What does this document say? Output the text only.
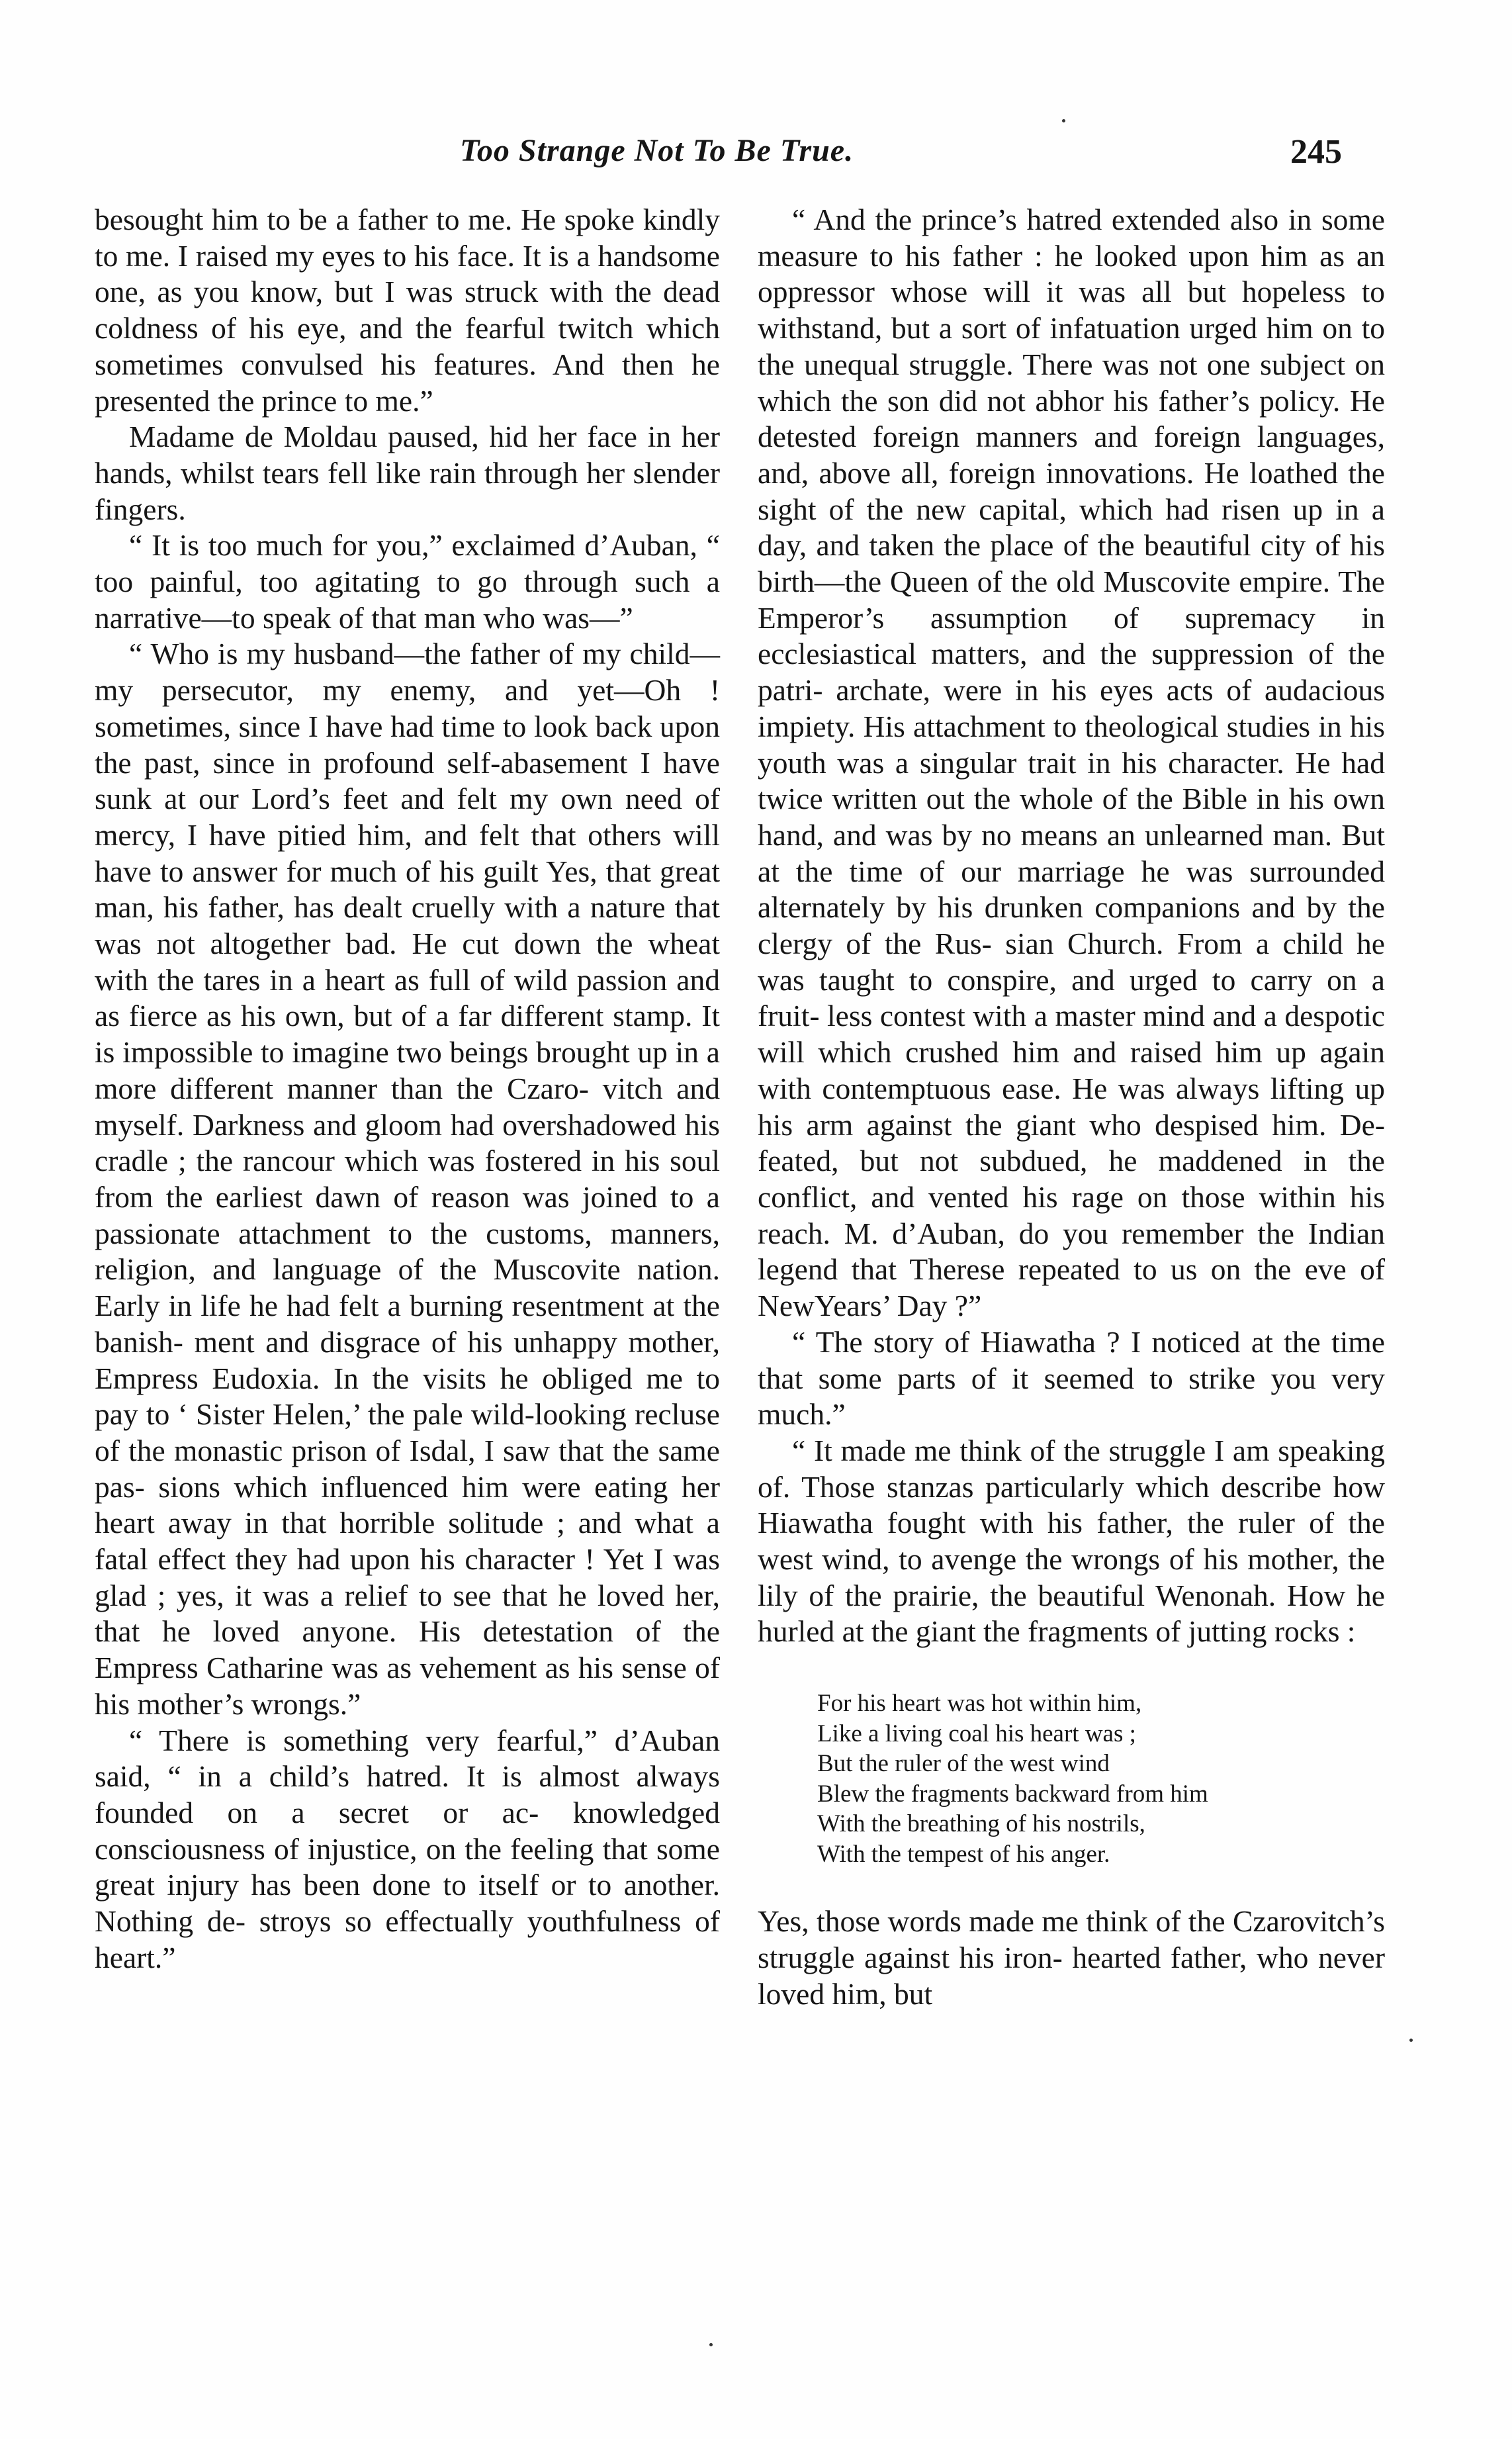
Too Strange Not To Be True.	245

besought him to be a father to me. He spoke kindly to me. I raised my eyes to his face. It is a handsome one, as you know, but I was struck with the dead coldness of his eye, and the fearful twitch which sometimes convulsed his features. And then he presented the prince to me.”

Madame de Moldau paused, hid her face in her hands, whilst tears fell like rain through her slender fingers.

“ It is too much for you,” exclaimed d’Auban, “ too painful, too agitating to go through such a narrative—to speak of that man who was—”

“ Who is my husband—the father of my child—my persecutor, my enemy, and yet—Oh ! sometimes, since I have had time to look back upon the past, since in profound self-abasement I have sunk at our Lord’s feet and felt my own need of mercy, I have pitied him, and felt that others will have to answer for much of his guilt Yes, that great man, his father, has dealt cruelly with a nature that was not altogether bad. He cut down the wheat with the tares in a heart as full of wild passion and as fierce as his own, but of a far different stamp. It is impossible to imagine two beings brought up in a more different manner than the Czaro- vitch and myself. Darkness and gloom had overshadowed his cradle ; the rancour which was fostered in his soul from the earliest dawn of reason was joined to a passionate attachment to the customs, manners, religion, and language of the Muscovite nation. Early in life he had felt a burning resentment at the banish- ment and disgrace of his unhappy mother, Empress Eudoxia. In the visits he obliged me to pay to ‘ Sister Helen,’ the pale wild-looking recluse of the monastic prison of Isdal, I saw that the same pas- sions which influenced him were eating her heart away in that horrible solitude ; and what a fatal effect they had upon his character ! Yet I was glad ; yes, it was a relief to see that he loved her, that he loved anyone. His detestation of the Empress Catharine was as vehement as his sense of his mother’s wrongs.”

“ There is something very fearful,” d’Auban said, “ in a child’s hatred. It is almost always founded on a secret or ac- knowledged consciousness of injustice, on the feeling that some great injury has been done to itself or to another. Nothing de- stroys so effectually youthfulness of heart.”

“ And the prince’s hatred extended also in some measure to his father : he looked upon him as an oppressor whose will it was all but hopeless to withstand, but a sort of infatuation urged him on to the unequal struggle. There was not one subject on which the son did not abhor his father’s policy. He detested foreign manners and foreign languages, and, above all, foreign innovations. He loathed the sight of the new capital, which had risen up in a day, and taken the place of the beautiful city of his birth—the Queen of the old Muscovite empire. The Emperor’s assumption of supremacy in ecclesiastical matters, and the suppression of the patri- archate, were in his eyes acts of audacious impiety. His attachment to theological studies in his youth was a singular trait in his character. He had twice written out the whole of the Bible in his own hand, and was by no means an unlearned man. But at the time of our marriage he was surrounded alternately by his drunken companions and by the clergy of the Rus- sian Church. From a child he was taught to conspire, and urged to carry on a fruit- less contest with a master mind and a despotic will which crushed him and raised him up again with contemptuous ease. He was always lifting up his arm against the giant who despised him. De- feated, but not subdued, he maddened in the conflict, and vented his rage on those within his reach. M. d’Auban, do you remember the Indian legend that Therese repeated to us on the eve of NewYears’ Day ?”

“ The story of Hiawatha ? I noticed at the time that some parts of it seemed to strike you very much.”

“ It made me think of the struggle I am speaking of. Those stanzas particularly which describe how Hiawatha fought with his father, the ruler of the west wind, to avenge the wrongs of his mother, the lily of the prairie, the beautiful Wenonah. How he hurled at the giant the fragments of jutting rocks :

For his heart was hot within him,
Like a living coal his heart was ;
But the ruler of the west wind
Blew the fragments backward from him
With the breathing of his nostrils,
With the tempest of his anger.

Yes, those words made me think of the Czarovitch’s struggle against his iron- hearted father, who never loved him, but
